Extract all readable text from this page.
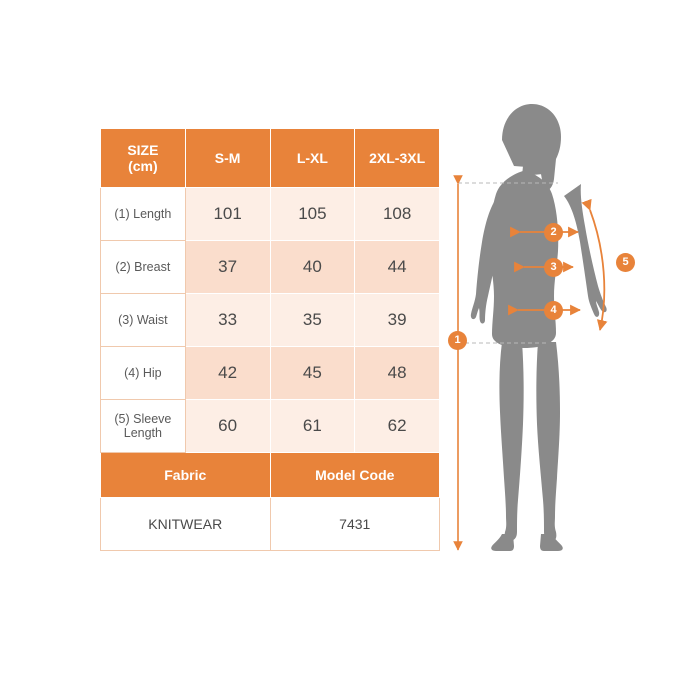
SIZE
(cm)	S-M	L-XL	2XL-3XL
(1) Length	101	105	108
(2) Breast	37	40	44
(3) Waist	33	35	39
(4) Hip	42	45	48
(5) Sleeve Length	60	61	62
Fabric		Model Code	
KNITWEAR		7431	
1
2
3
4
5
